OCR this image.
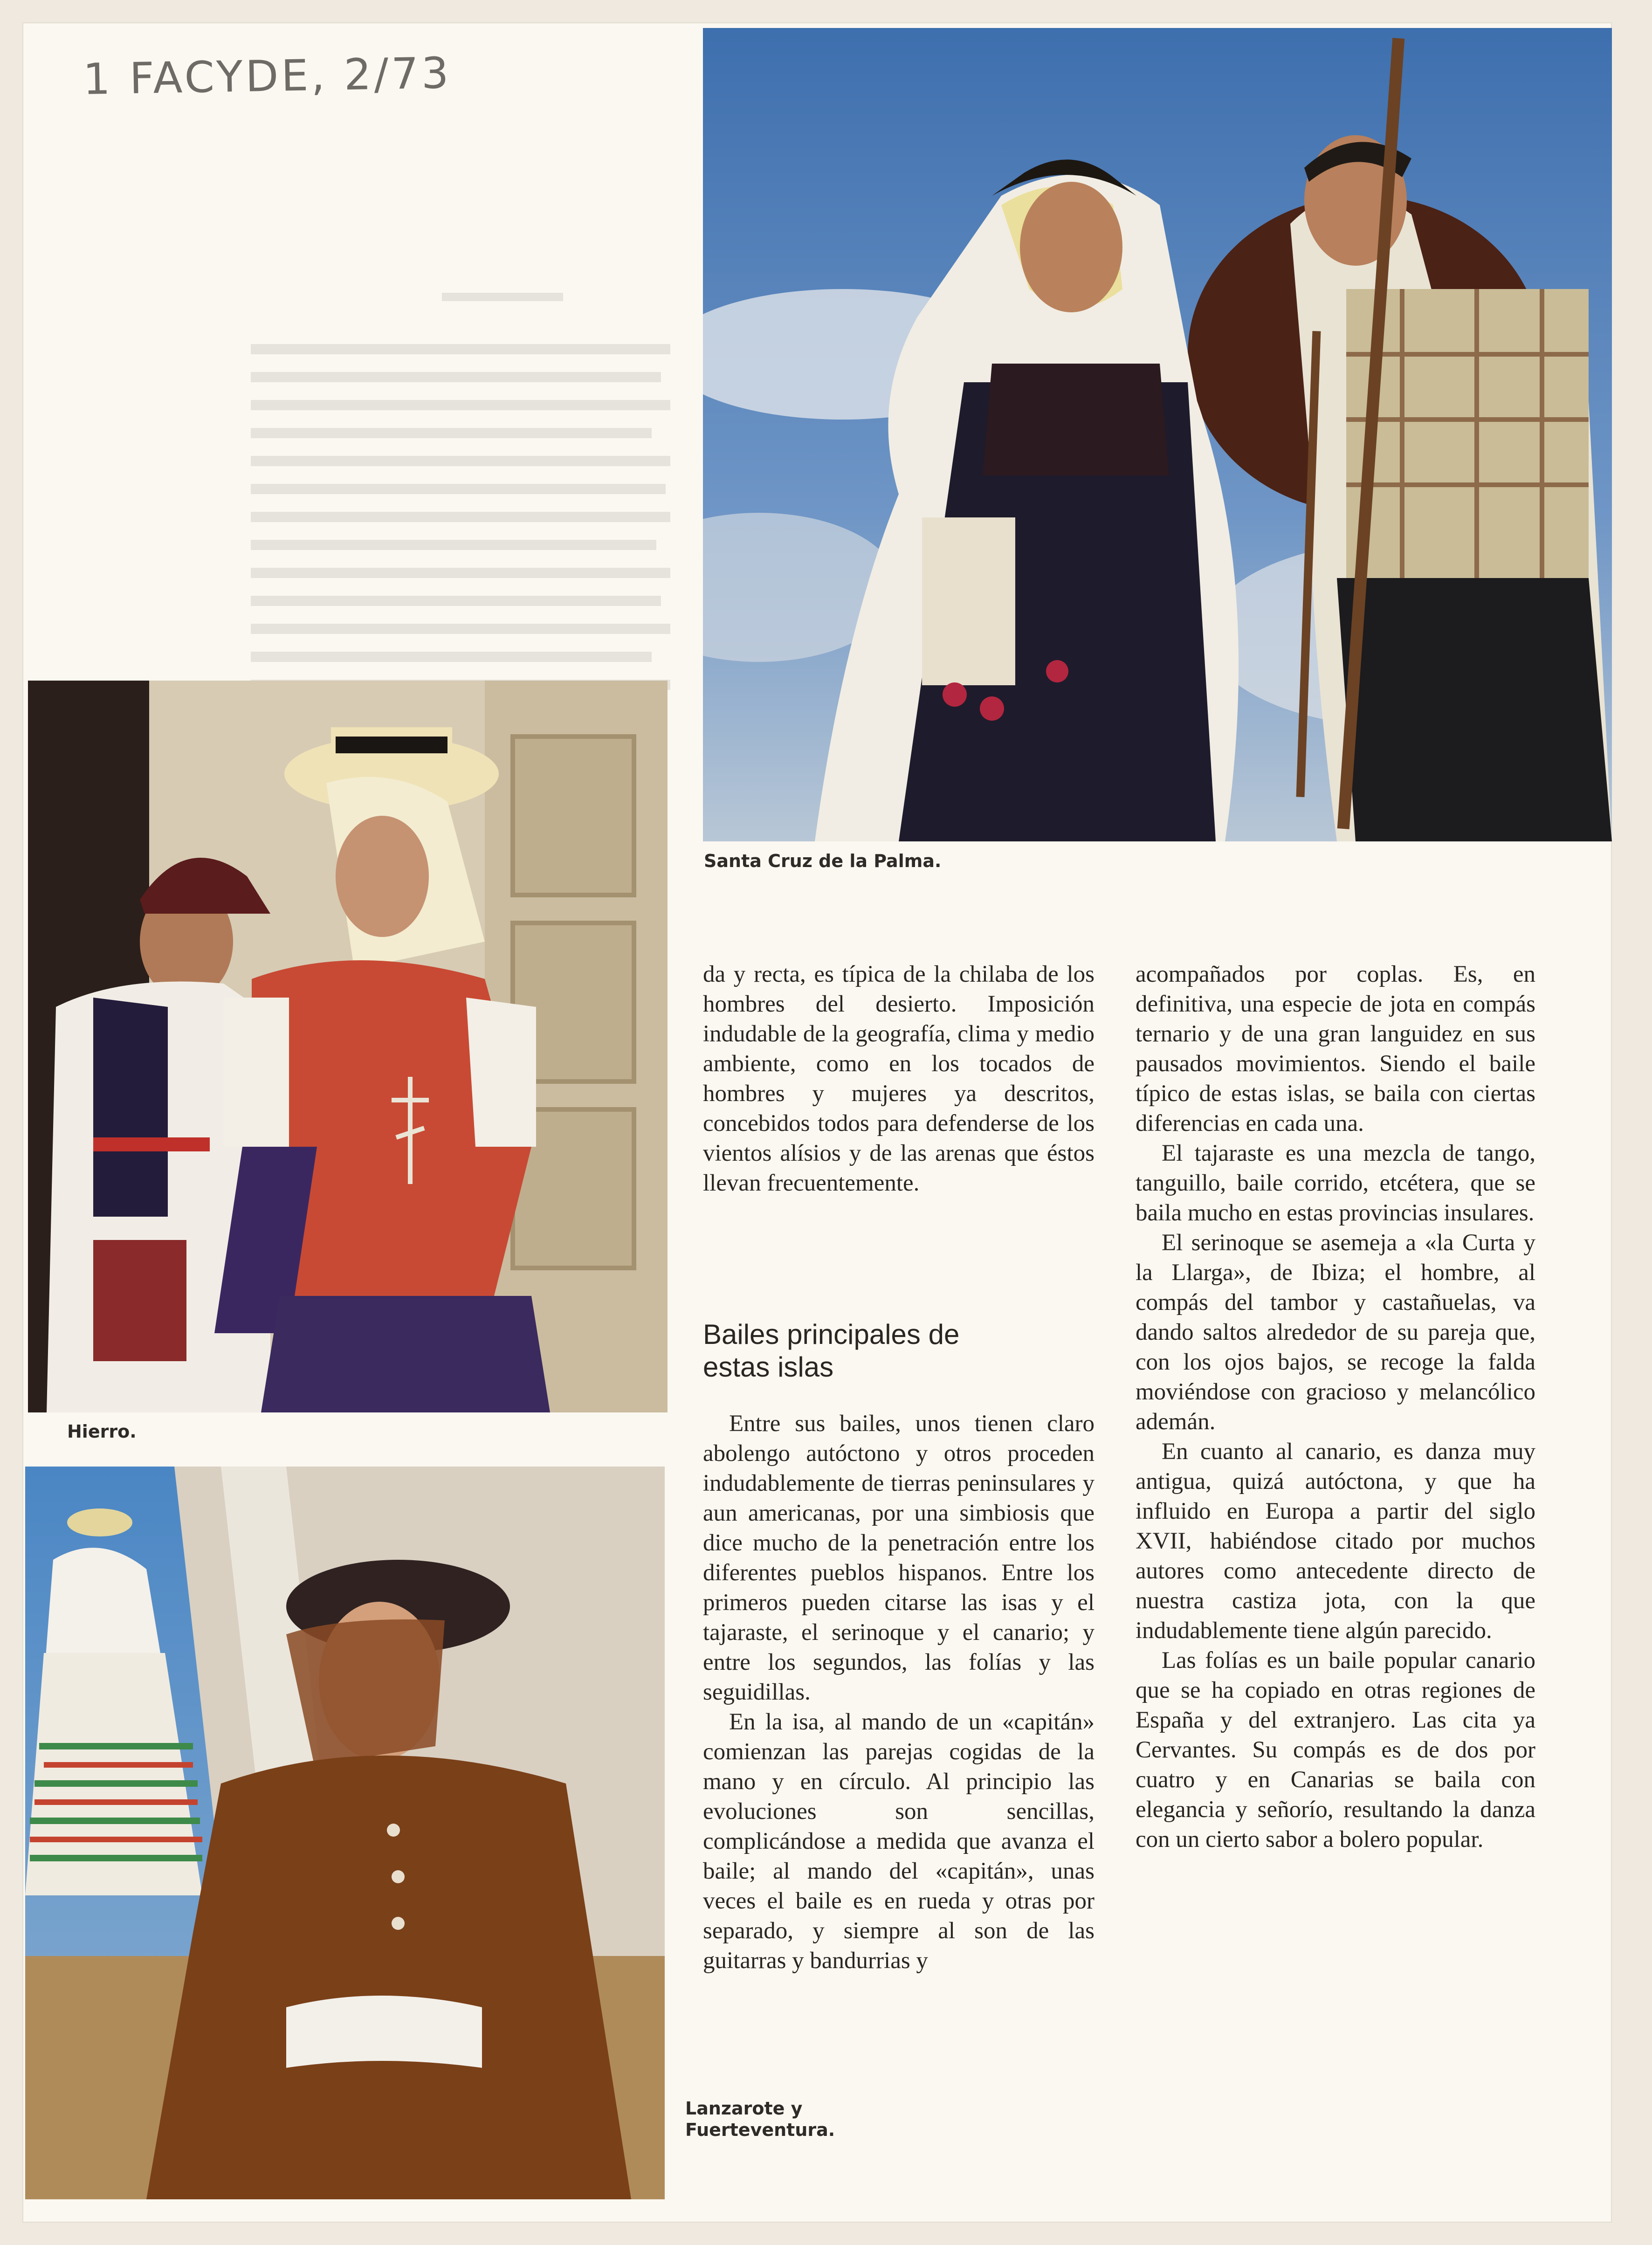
1 FACYDE, 2/73
Santa Cruz de la Palma.
Hierro.
Lanzarote y Fuerteventura.

da y recta, es típica de la chilaba de los hombres del desierto. Imposición indudable de la geografía, clima y medio ambiente, como en los tocados de hombres y mujeres ya descritos, concebidos todos para defenderse de los vientos alísios y de las arenas que éstos llevan frecuentemente.

Bailes principales de estas islas

Entre sus bailes, unos tienen claro abolengo autóctono y otros proceden indudablemente de tierras peninsulares y aun americanas, por una simbiosis que dice mucho de la penetración entre los diferentes pueblos hispanos. Entre los primeros pueden citarse las isas y el tajaraste, el serinoque y el canario; y entre los segundos, las folías y las seguidillas.

En la isa, al mando de un «capitán» comienzan las parejas cogidas de la mano y en círculo. Al principio las evoluciones son sencillas, complicándose a medida que avanza el baile; al mando del «capitán», unas veces el baile es en rueda y otras por separado, y siempre al son de las guitarras y bandurrias y

acompañados por coplas. Es, en definitiva, una especie de jota en compás ternario y de una gran languidez en sus pausados movimientos. Siendo el baile típico de estas islas, se baila con ciertas diferencias en cada una.

El tajaraste es una mezcla de tango, tanguillo, baile corrido, etcétera, que se baila mucho en estas provincias insulares.

El serinoque se asemeja a «la Curta y la Llarga», de Ibiza; el hombre, al compás del tambor y castañuelas, va dando saltos alrededor de su pareja que, con los ojos bajos, se recoge la falda moviéndose con gracioso y melancólico ademán.

En cuanto al canario, es danza muy antigua, quizá autóctona, y que ha influido en Europa a partir del siglo XVII, habiéndose citado por muchos autores como antecedente directo de nuestra castiza jota, con la que indudablemente tiene algún parecido.

Las folías es un baile popular canario que se ha copiado en otras regiones de España y del extranjero. Las cita ya Cervantes. Su compás es de dos por cuatro y en Canarias se baila con elegancia y señorío, resultando la danza con un cierto sabor a bolero popular.
